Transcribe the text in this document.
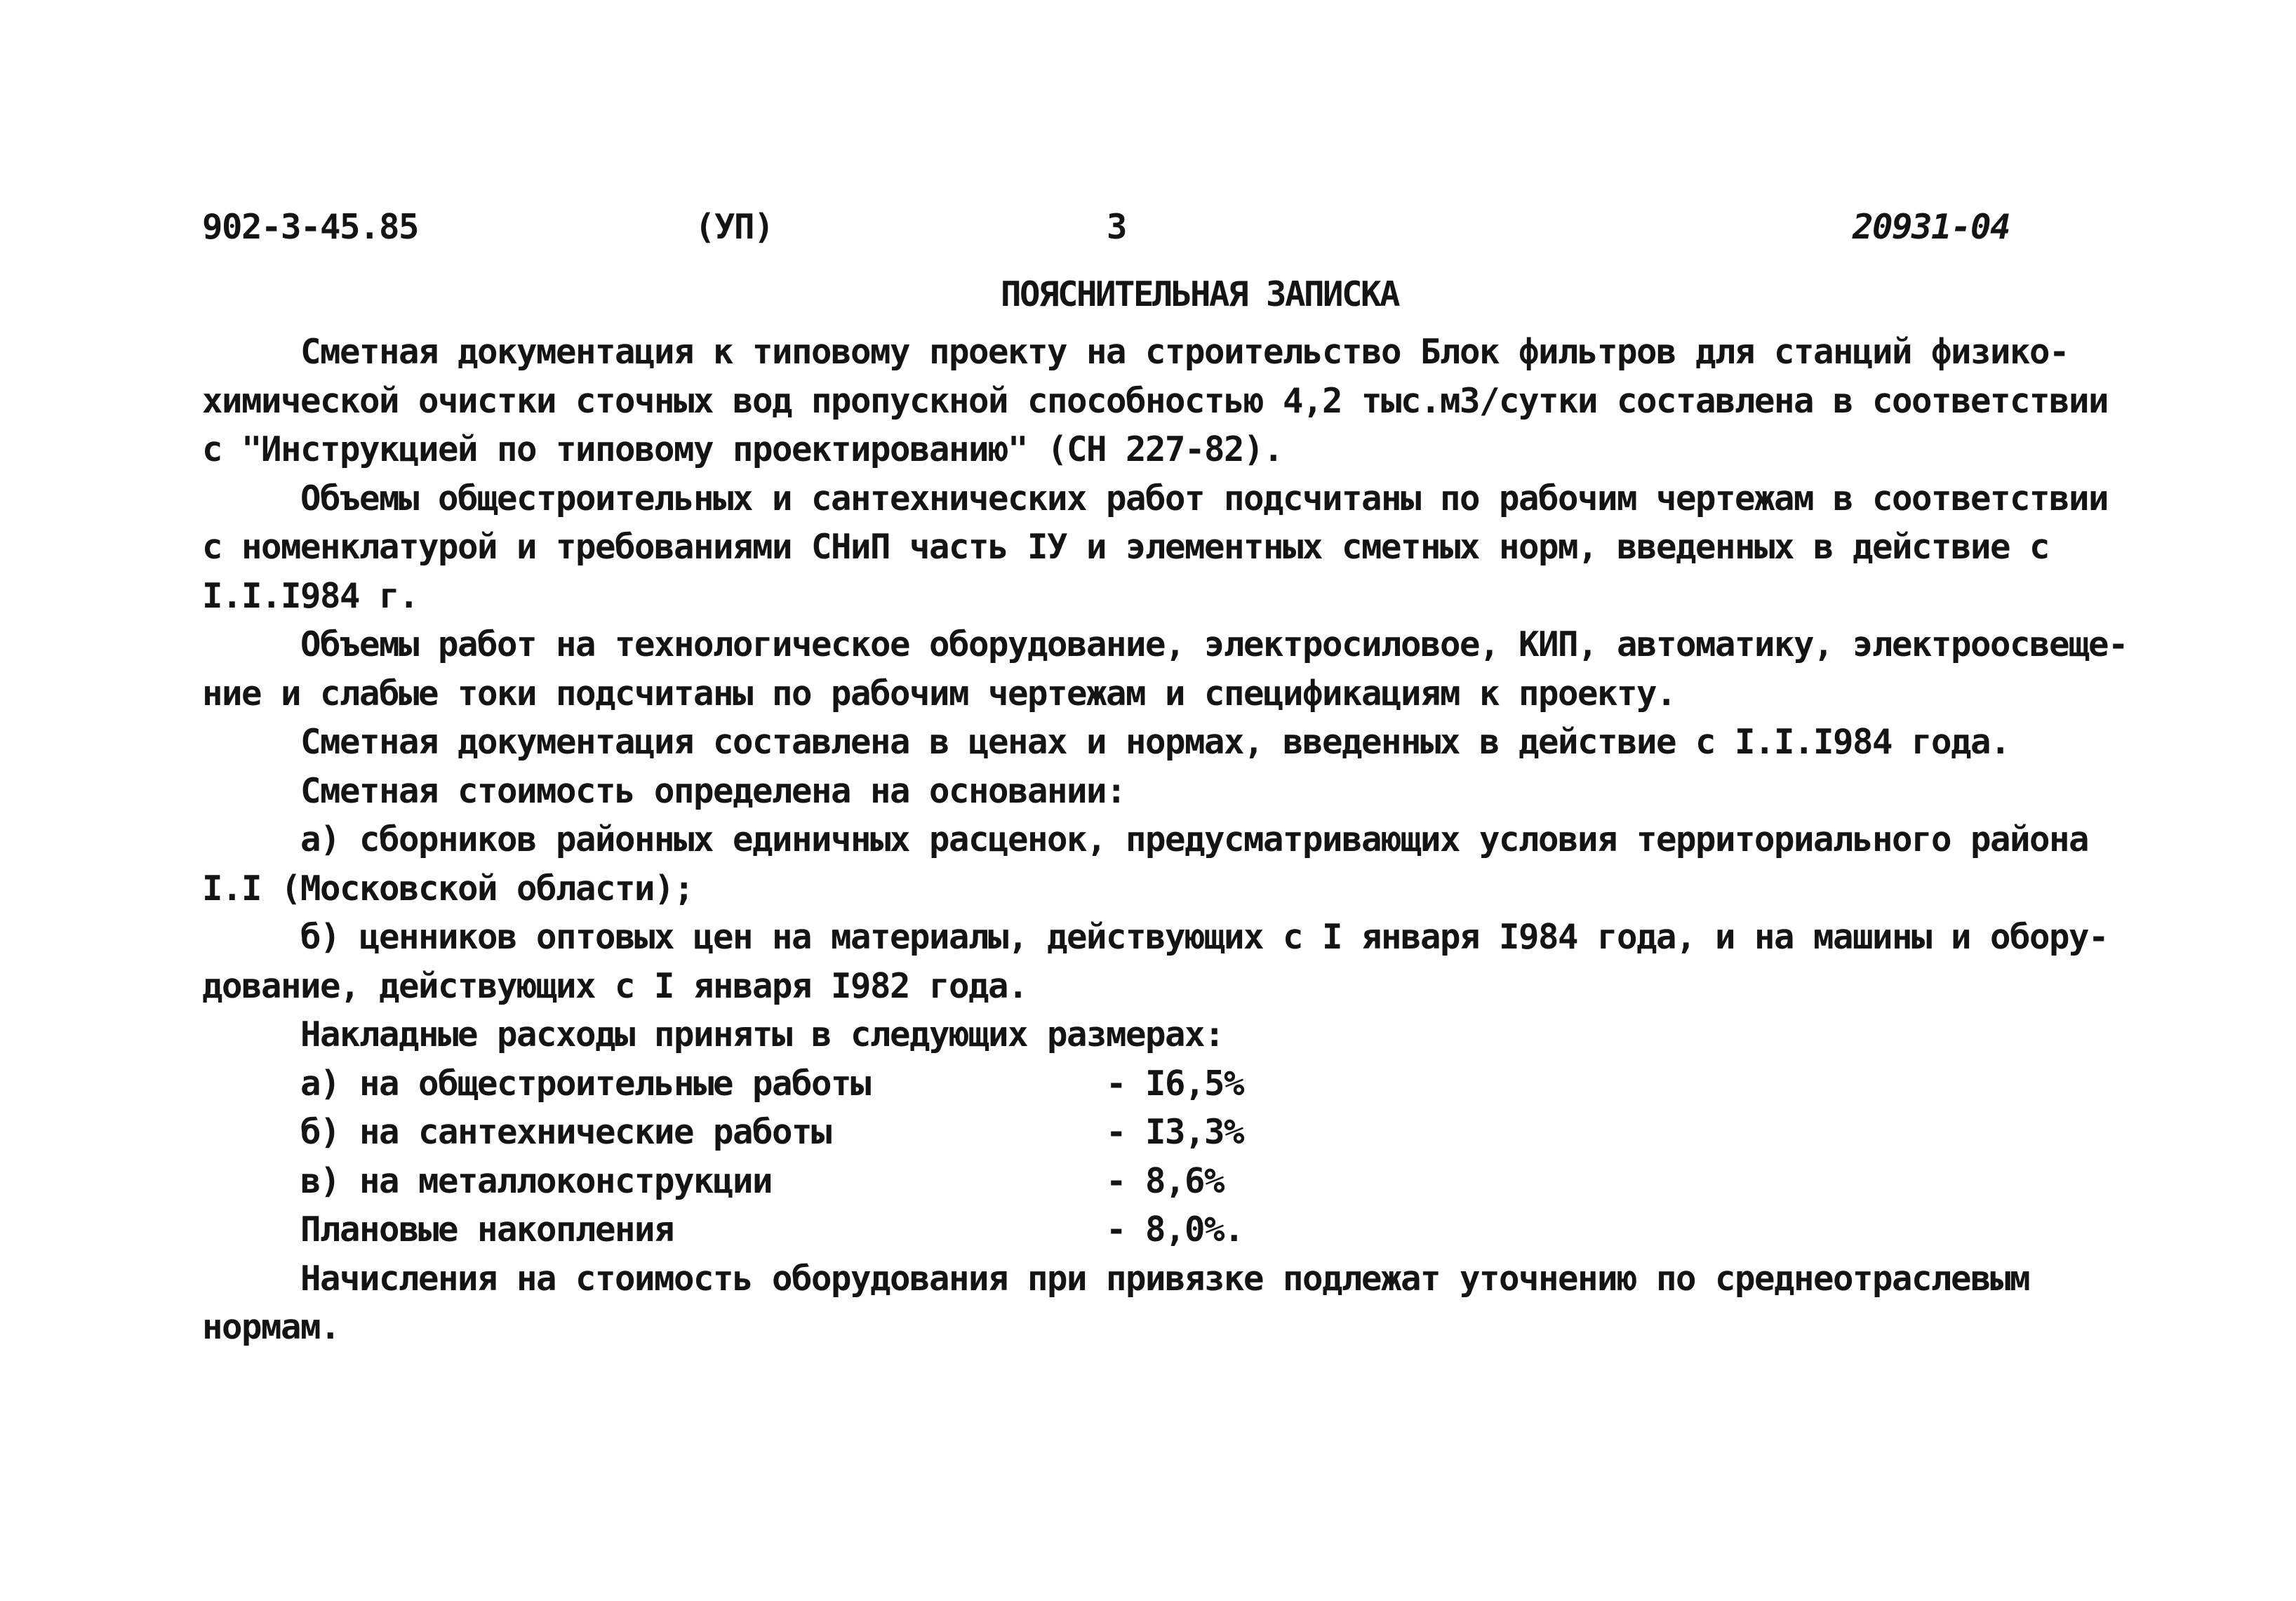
902-3-45.85	(УП)	3	20931-04
ПОЯСНИТЕЛЬНАЯ ЗАПИСКА
Сметная документация к типовому проекту на строительство Блок фильтров для станций физико-
химической очистки сточных вод пропускной способностью 4,2 тыс.м3/сутки составлена в соответствии
с "Инструкцией по типовому проектированию" (СН 227-82).
Объемы общестроительных и сантехнических работ подсчитаны по рабочим чертежам в соответствии
с номенклатурой и требованиями СНиП часть IУ и элементных сметных норм, введенных в действие с
I.I.I984 г.
Объемы работ на технологическое оборудование, электросиловое, КИП, автоматику, электроосвеще-
ние и слабые токи подсчитаны по рабочим чертежам и спецификациям к проекту.
Сметная документация составлена в ценах и нормах, введенных в действие с I.I.I984 года.
Сметная стоимость определена на основании:
а) сборников районных единичных расценок, предусматривающих условия территориального района
I.I (Московской области);
б) ценников оптовых цен на материалы, действующих с I января I984 года, и на машины и обору-
дование, действующих с I января I982 года.
Накладные расходы приняты в следующих размерах:
а) на общестроительные работы	- I6,5%
б) на сантехнические работы	- I3,3%
в) на металлоконструкции	- 8,6%
Плановые накопления	- 8,0%.
Начисления на стоимость оборудования при привязке подлежат уточнению по среднеотраслевым
нормам.
